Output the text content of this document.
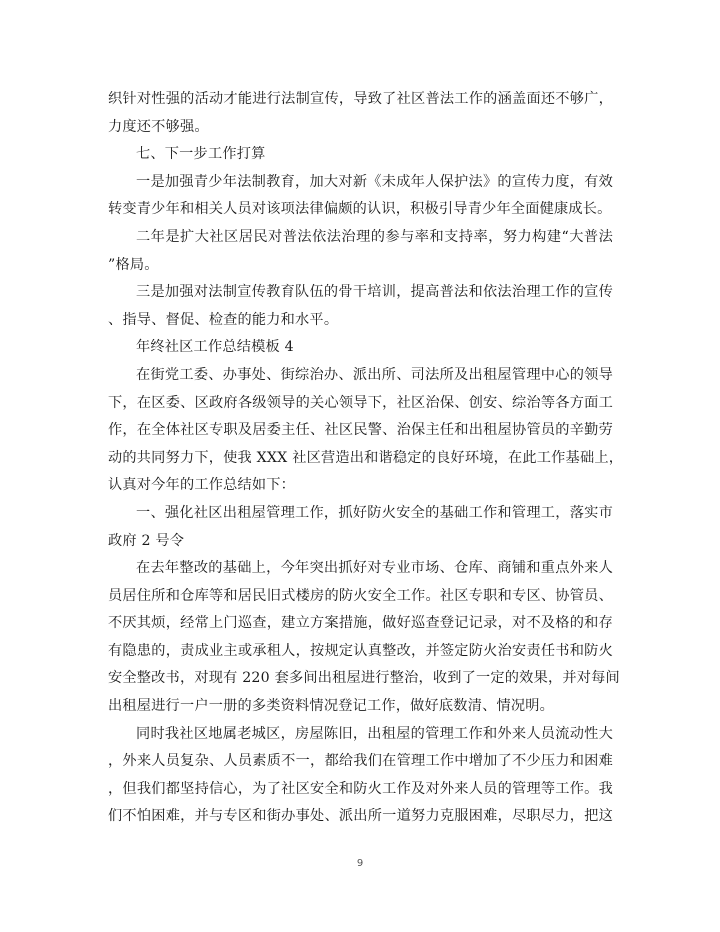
织针对性强的活动才能进行法制宣传，导致了社区普法工作的涵盖面还不够广，
力度还不够强。
七、下一步工作打算
一是加强青少年法制教育，加大对新《未成年人保护法》的宣传力度，有效
转变青少年和相关人员对该项法律偏颇的认识，积极引导青少年全面健康成长。
二年是扩大社区居民对普法依法治理的参与率和支持率，努力构建“大普法
”格局。
三是加强对法制宣传教育队伍的骨干培训，提高普法和依法治理工作的宣传
、指导、督促、检查的能力和水平。
年终社区工作总结模板 4
在街党工委、办事处、街综治办、派出所、司法所及出租屋管理中心的领导
下，在区委、区政府各级领导的关心领导下，社区治保、创安、综治等各方面工
作，在全体社区专职及居委主任、社区民警、治保主任和出租屋协管员的辛勤劳
动的共同努力下，使我 XXX 社区营造出和谐稳定的良好环境，在此工作基础上，
认真对今年的工作总结如下：
一、强化社区出租屋管理工作，抓好防火安全的基础工作和管理工，落实市
政府 2 号令
在去年整改的基础上，今年突出抓好对专业市场、仓库、商铺和重点外来人
员居住所和仓库等和居民旧式楼房的防火安全工作。社区专职和专区、协管员、
不厌其烦，经常上门巡查，建立方案措施，做好巡查登记记录，对不及格的和存
有隐患的，责成业主或承租人，按规定认真整改，并签定防火治安责任书和防火
安全整改书，对现有 220 套多间出租屋进行整治，收到了一定的效果，并对每间
出租屋进行一户一册的多类资料情况登记工作，做好底数清、情况明。
同时我社区地属老城区，房屋陈旧，出租屋的管理工作和外来人员流动性大
，外来人员复杂、人员素质不一，都给我们在管理工作中增加了不少压力和困难
，但我们都坚持信心，为了社区安全和防火工作及对外来人员的管理等工作。我
们不怕困难，并与专区和街办事处、派出所一道努力克服困难，尽职尽力，把这
9
